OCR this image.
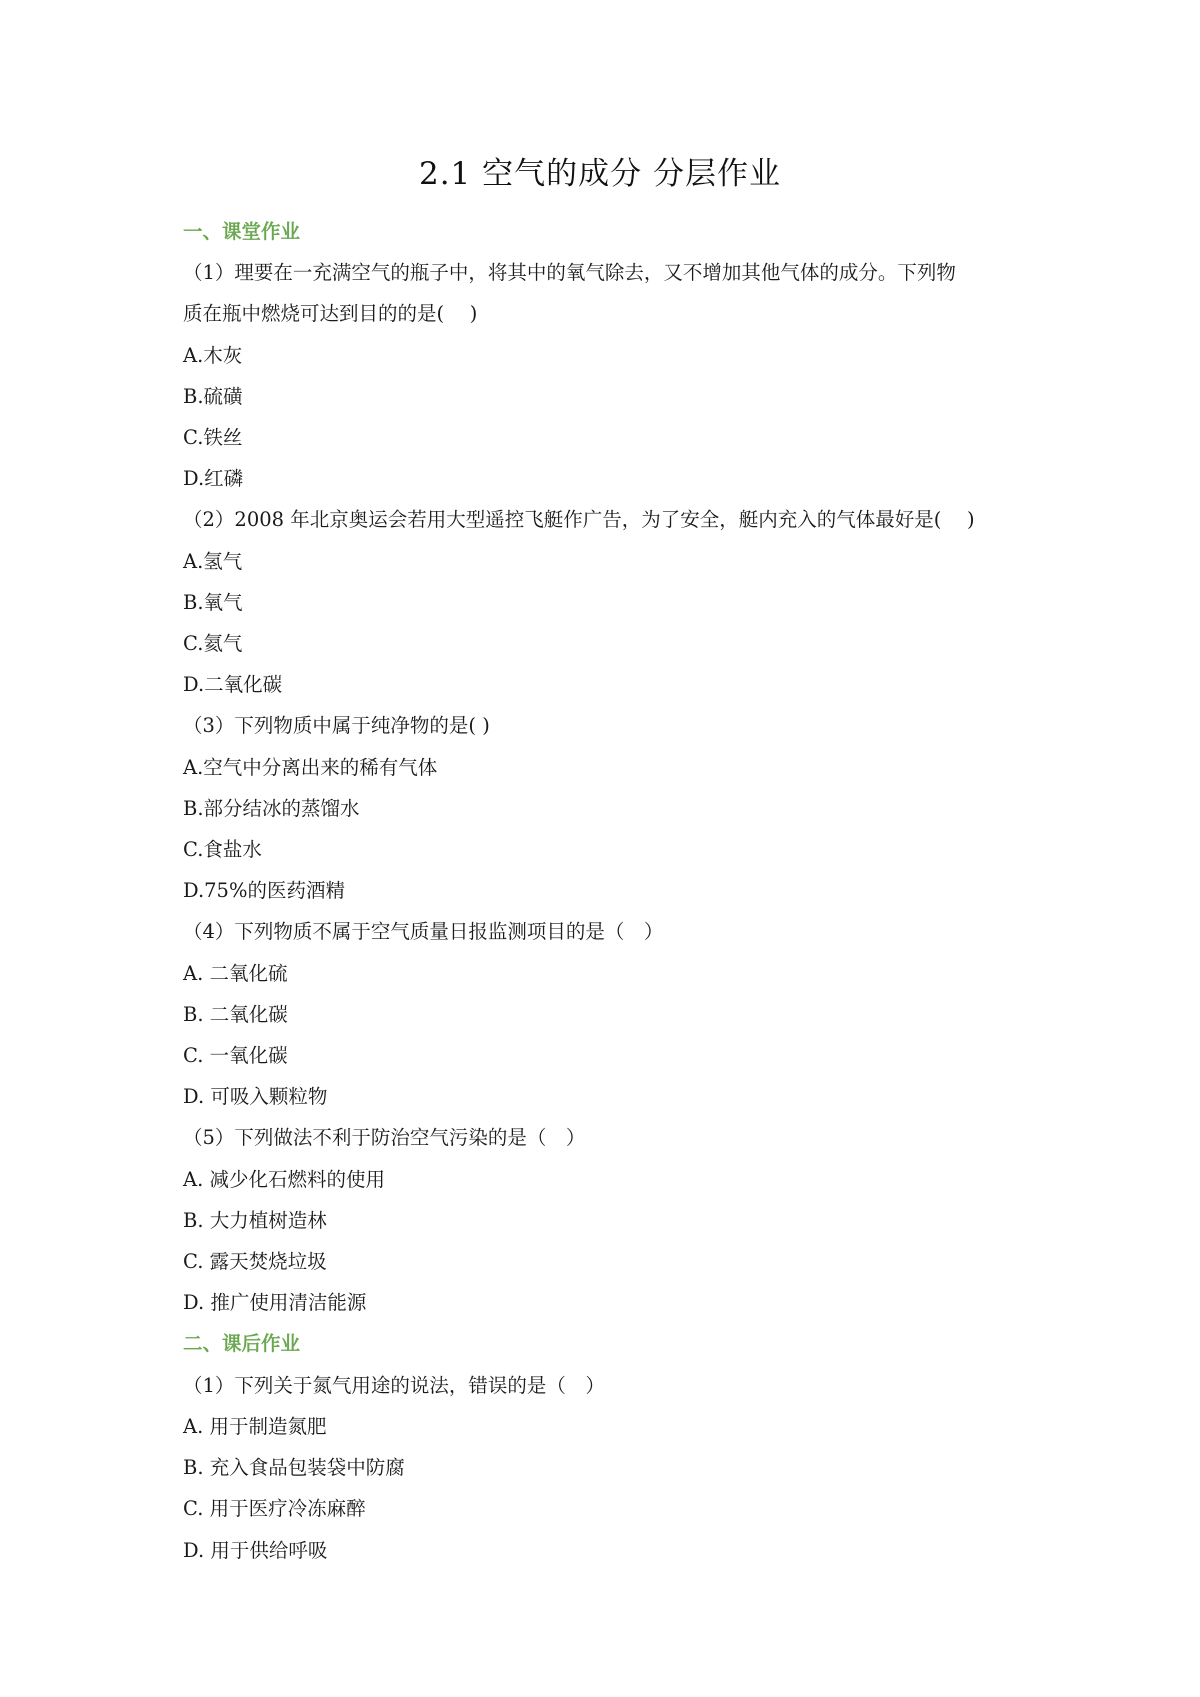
2.1 空气的成分 分层作业
一、课堂作业
（1）理要在一充满空气的瓶子中，将其中的氧气除去，又不增加其他气体的成分。下列物
质在瓶中燃烧可达到目的的是(　 )
A.木灰
B.硫磺
C.铁丝
D.红磷
（2）2008 年北京奥运会若用大型遥控飞艇作广告，为了安全，艇内充入的气体最好是(　 )
A.氢气
B.氧气
C.氦气
D.二氧化碳
（3）下列物质中属于纯净物的是( )
A.空气中分离出来的稀有气体
B.部分结冰的蒸馏水
C.食盐水
D.75%的医药酒精
（4）下列物质不属于空气质量日报监测项目的是（　）
A. 二氧化硫
B. 二氧化碳
C. 一氧化碳
D. 可吸入颗粒物
（5）下列做法不利于防治空气污染的是（　）
A. 减少化石燃料的使用
B. 大力植树造林
C. 露天焚烧垃圾
D. 推广使用清洁能源
二、课后作业
（1）下列关于氮气用途的说法，错误的是（　）
A. 用于制造氮肥
B. 充入食品包装袋中防腐
C. 用于医疗冷冻麻醉
D. 用于供给呼吸
